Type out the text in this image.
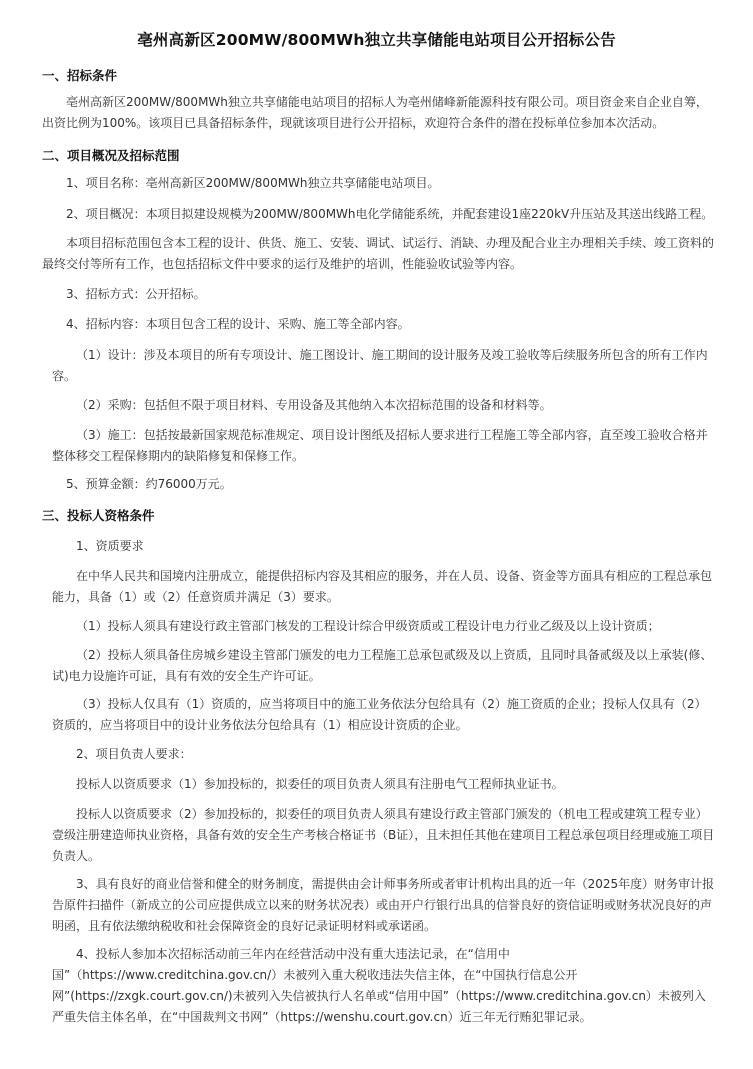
亳州高新区200MW/800MWh独立共享储能电站项目公开招标公告
一、招标条件
亳州高新区200MW/800MWh独立共享储能电站项目的招标人为亳州储峰新能源科技有限公司。项目资金来自企业自筹，出资比例为100%。该项目已具备招标条件，现就该项目进行公开招标，欢迎符合条件的潜在投标单位参加本次活动。
二、项目概况及招标范围
1、项目名称：亳州高新区200MW/800MWh独立共享储能电站项目。
2、项目概况：本项目拟建设规模为200MW/800MWh电化学储能系统，并配套建设1座220kV升压站及其送出线路工程。
本项目招标范围包含本工程的设计、供货、施工、安装、调试、试运行、消缺、办理及配合业主办理相关手续、竣工资料的最终交付等所有工作，也包括招标文件中要求的运行及维护的培训，性能验收试验等内容。
3、招标方式：公开招标。
4、招标内容：本项目包含工程的设计、采购、施工等全部内容。
（1）设计：涉及本项目的所有专项设计、施工图设计、施工期间的设计服务及竣工验收等后续服务所包含的所有工作内容。
（2）采购：包括但不限于项目材料、专用设备及其他纳入本次招标范围的设备和材料等。
（3）施工：包括按最新国家规范标准规定、项目设计图纸及招标人要求进行工程施工等全部内容，直至竣工验收合格并整体移交工程保修期内的缺陷修复和保修工作。
5、预算金额：约76000万元。
三、投标人资格条件
1、资质要求
在中华人民共和国境内注册成立，能提供招标内容及其相应的服务，并在人员、设备、资金等方面具有相应的工程总承包能力，具备（1）或（2）任意资质并满足（3）要求。
（1）投标人须具有建设行政主管部门核发的工程设计综合甲级资质或工程设计电力行业乙级及以上设计资质；
（2）投标人须具备住房城乡建设主管部门颁发的电力工程施工总承包贰级及以上资质，且同时具备贰级及以上承装(修、试)电力设施许可证，具有有效的安全生产许可证。
（3）投标人仅具有（1）资质的，应当将项目中的施工业务依法分包给具有（2）施工资质的企业；投标人仅具有（2）资质的，应当将项目中的设计业务依法分包给具有（1）相应设计资质的企业。
2、项目负责人要求：
投标人以资质要求（1）参加投标的，拟委任的项目负责人须具有注册电气工程师执业证书。
投标人以资质要求（2）参加投标的，拟委任的项目负责人须具有建设行政主管部门颁发的（机电工程或建筑工程专业）壹级注册建造师执业资格，具备有效的安全生产考核合格证书（B证），且未担任其他在建项目工程总承包项目经理或施工项目负责人。
3、具有良好的商业信誉和健全的财务制度，需提供由会计师事务所或者审计机构出具的近一年（2025年度）财务审计报告原件扫描件（新成立的公司应提供成立以来的财务状况表）或由开户行银行出具的信誉良好的资信证明或财务状况良好的声明函，且有依法缴纳税收和社会保障资金的良好记录证明材料或承诺函。
4、投标人参加本次招标活动前三年内在经营活动中没有重大违法记录，在“信用中国”（https://www.creditchina.gov.cn/）未被列入重大税收违法失信主体，在“中国执行信息公开网”(https://zxgk.court.gov.cn/)未被列入失信被执行人名单或“信用中国”（https://www.creditchina.gov.cn）未被列入严重失信主体名单，在“中国裁判文书网”（https://wenshu.court.gov.cn）近三年无行贿犯罪记录。
